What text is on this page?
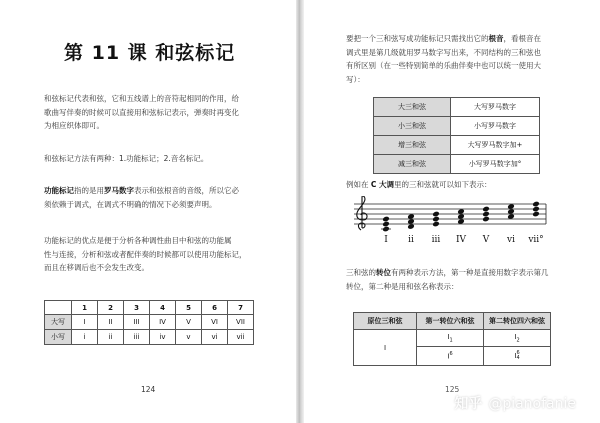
第 11 课 和弦标记
和弦标记代表和弦，它和五线谱上的音符起相同的作用，给
歌曲写伴奏的时候可以直接用和弦标记表示，弹奏时再变化
为相应织体即可。
和弦标记方法有两种：1.功能标记；2.音名标记。
功能标记指的是用罗马数字表示和弦根音的音级，所以它必
须依赖于调式，在调式不明确的情况下必须要声明。
功能标记的优点是便于分析各种调性曲目中和弦的功能属
性与连接，分析和弦或者配伴奏的时候都可以使用功能标记，
而且在移调后也不会发生改变。
	1	2	3	4	5	6	7
大写	I	II	III	IV	V	VI	VII
小写	i	ii	iii	iv	v	vi	vii
124
要把一个三和弦写成功能标记只需找出它的根音，看根音在
调式里是第几级就用罗马数字写出来，不同结构的三和弦也
有所区别（在一些特别简单的乐曲伴奏中也可以统一使用大
写）：
大三和弦	大写罗马数字
小三和弦	小写罗马数字
增三和弦	大写罗马数字加+
减三和弦	小写罗马数字加°
例如在 C 大调里的三和弦就可以如下表示：
I ii iii IV V vi vii°
三和弦的转位有两种表示方法，第一种是直接用数字表示第几
转位，第二种是用和弦名称表示：
原位三和弦	第一转位六和弦	第二转位四六和弦
I	$I_1$	$I_2$
	$I^6$	I 6
4
125
知乎 @pianofanie
